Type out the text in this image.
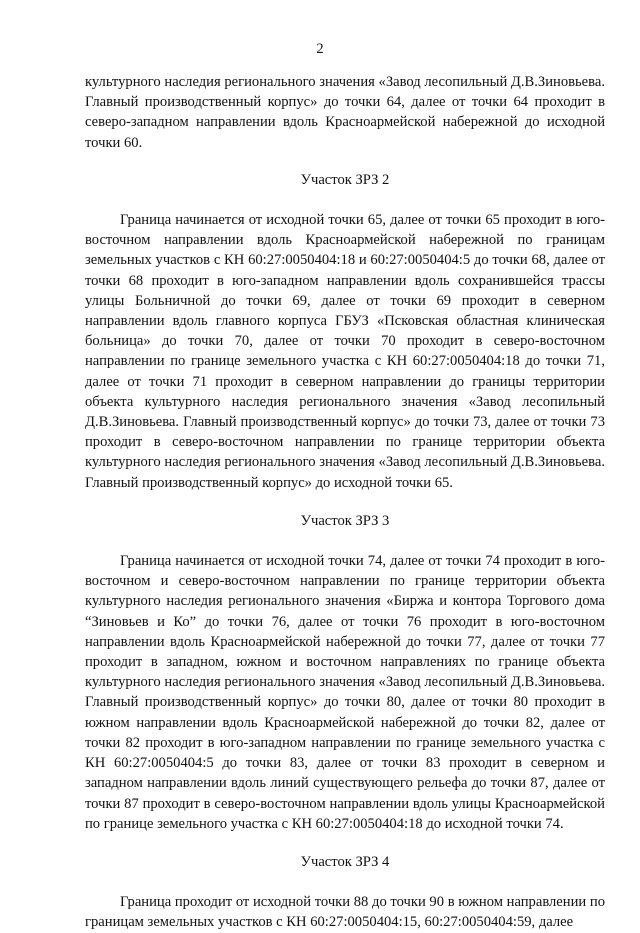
2

культурного наследия регионального значения «Завод лесопильный Д.В.Зиновьева. Главный производственный корпус» до точки 64, далее от точки 64 проходит в северо-западном направлении вдоль Красноармейской набережной до исходной точки 60.

Участок ЗРЗ 2

Граница начинается от исходной точки 65, далее от точки 65 проходит в юго-восточном направлении вдоль Красноармейской набережной по границам земельных участков с КН 60:27:0050404:18 и 60:27:0050404:5 до точки 68, далее от точки 68 проходит в юго-западном направлении вдоль сохранившейся трассы улицы Больничной до точки 69, далее от точки 69 проходит в северном направлении вдоль главного корпуса ГБУЗ «Псковская областная клиническая больница» до точки 70, далее от точки 70 проходит в северо-восточном направлении по границе земельного участка с КН 60:27:0050404:18 до точки 71, далее от точки 71 проходит в северном направлении до границы территории объекта культурного наследия регионального значения «Завод лесопильный Д.В.Зиновьева. Главный производственный корпус» до точки 73, далее от точки 73 проходит в северо-восточном направлении по границе территории объекта культурного наследия регионального значения «Завод лесопильный Д.В.Зиновьева. Главный производственный корпус» до исходной точки 65.

Участок ЗРЗ 3

Граница начинается от исходной точки 74, далее от точки 74 проходит в юго-восточном и северо-восточном направлении по границе территории объекта культурного наследия регионального значения «Биржа и контора Торгового дома “Зиновьев и Ко” до точки 76, далее от точки 76 проходит в юго-восточном направлении вдоль Красноармейской набережной до точки 77, далее от точки 77 проходит в западном, южном и восточном направлениях по границе объекта культурного наследия регионального значения «Завод лесопильный Д.В.Зиновьева. Главный производственный корпус» до точки 80, далее от точки 80 проходит в южном направлении вдоль Красноармейской набережной до точки 82, далее от точки 82 проходит в юго-западном направлении по границе земельного участка с КН 60:27:0050404:5 до точки 83, далее от точки 83 проходит в северном и западном направлении вдоль линий существующего рельефа до точки 87, далее от точки 87 проходит в северо-восточном направлении вдоль улицы Красноармейской по границе земельного участка с КН 60:27:0050404:18 до исходной точки 74.

Участок ЗРЗ 4

Граница проходит от исходной точки 88 до точки 90 в южном направлении по границам земельных участков с КН 60:27:0050404:15, 60:27:0050404:59, далее
